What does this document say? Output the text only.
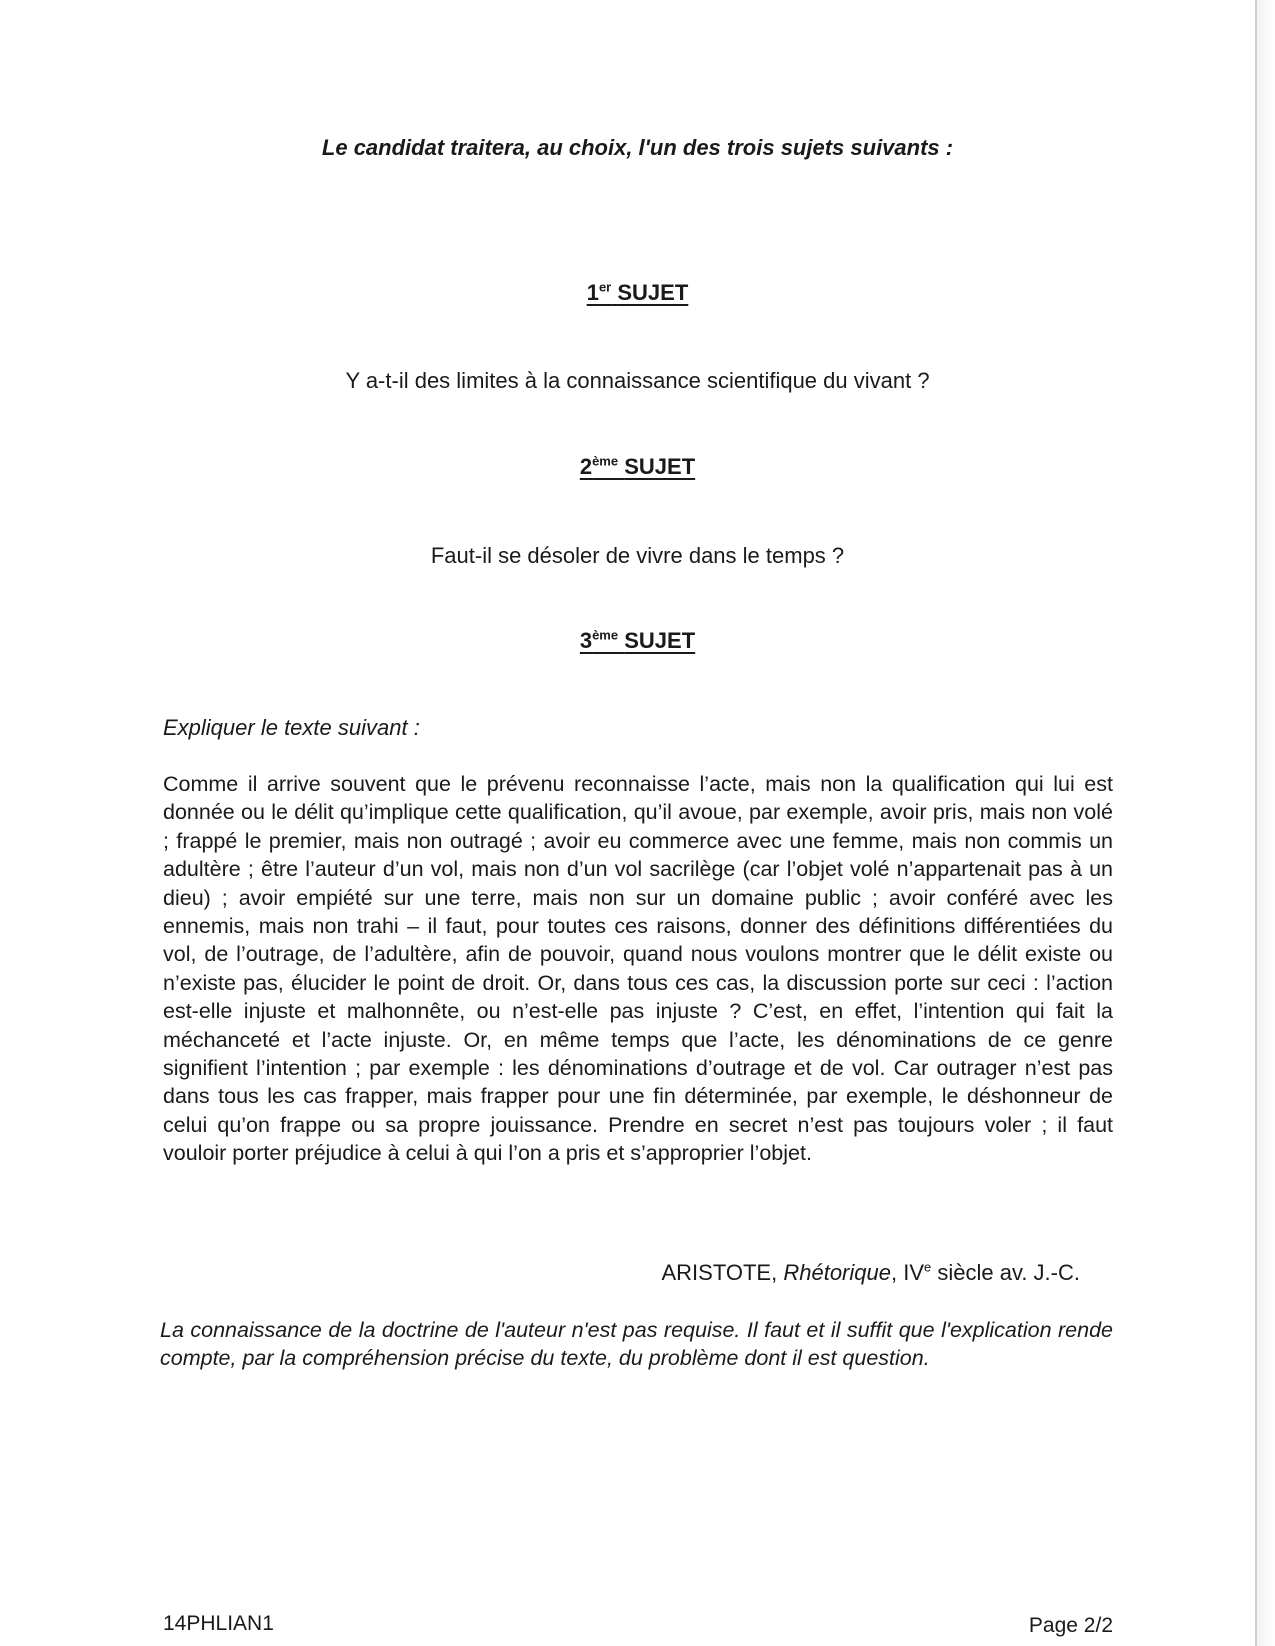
Le candidat traitera, au choix, l'un des trois sujets suivants :
1er SUJET
Y a-t-il des limites à la connaissance scientifique du vivant ?
2ème SUJET
Faut-il se désoler de vivre dans le temps ?
3ème SUJET
Expliquer le texte suivant :

Comme il arrive souvent que le prévenu reconnaisse l’acte, mais non la qualification qui lui est donnée ou le délit qu’implique cette qualification, qu’il avoue, par exemple, avoir pris, mais non volé ; frappé le premier, mais non outragé ; avoir eu commerce avec une femme, mais non commis un adultère ; être l’auteur d’un vol, mais non d’un vol sacrilège (car l’objet volé n’appartenait pas à un dieu) ; avoir empiété sur une terre, mais non sur un domaine public ; avoir conféré avec les ennemis, mais non trahi – il faut, pour toutes ces raisons, donner des définitions différentiées du vol, de l’outrage, de l’adultère, afin de pouvoir, quand nous voulons montrer que le délit existe ou n’existe pas, élucider le point de droit. Or, dans tous ces cas, la discussion porte sur ceci : l’action est-elle injuste et malhonnête, ou n’est-elle pas injuste ? C’est, en effet, l’intention qui fait la méchanceté et l’acte injuste. Or, en même temps que l’acte, les dénominations de ce genre signifient l’intention ; par exemple : les dénominations d’outrage et de vol. Car outrager n’est pas dans tous les cas frapper, mais frapper pour une fin déterminée, par exemple, le déshonneur de celui qu’on frappe ou sa propre jouissance. Prendre en secret n’est pas toujours voler ; il faut vouloir porter préjudice à celui à qui l’on a pris et s’approprier l’objet.

ARISTOTE, Rhétorique, IVe siècle av. J.-C.

La connaissance de la doctrine de l'auteur n'est pas requise. Il faut et il suffit que l'explication rende compte, par la compréhension précise du texte, du problème dont il est question.

14PHLIAN1	Page 2/2
